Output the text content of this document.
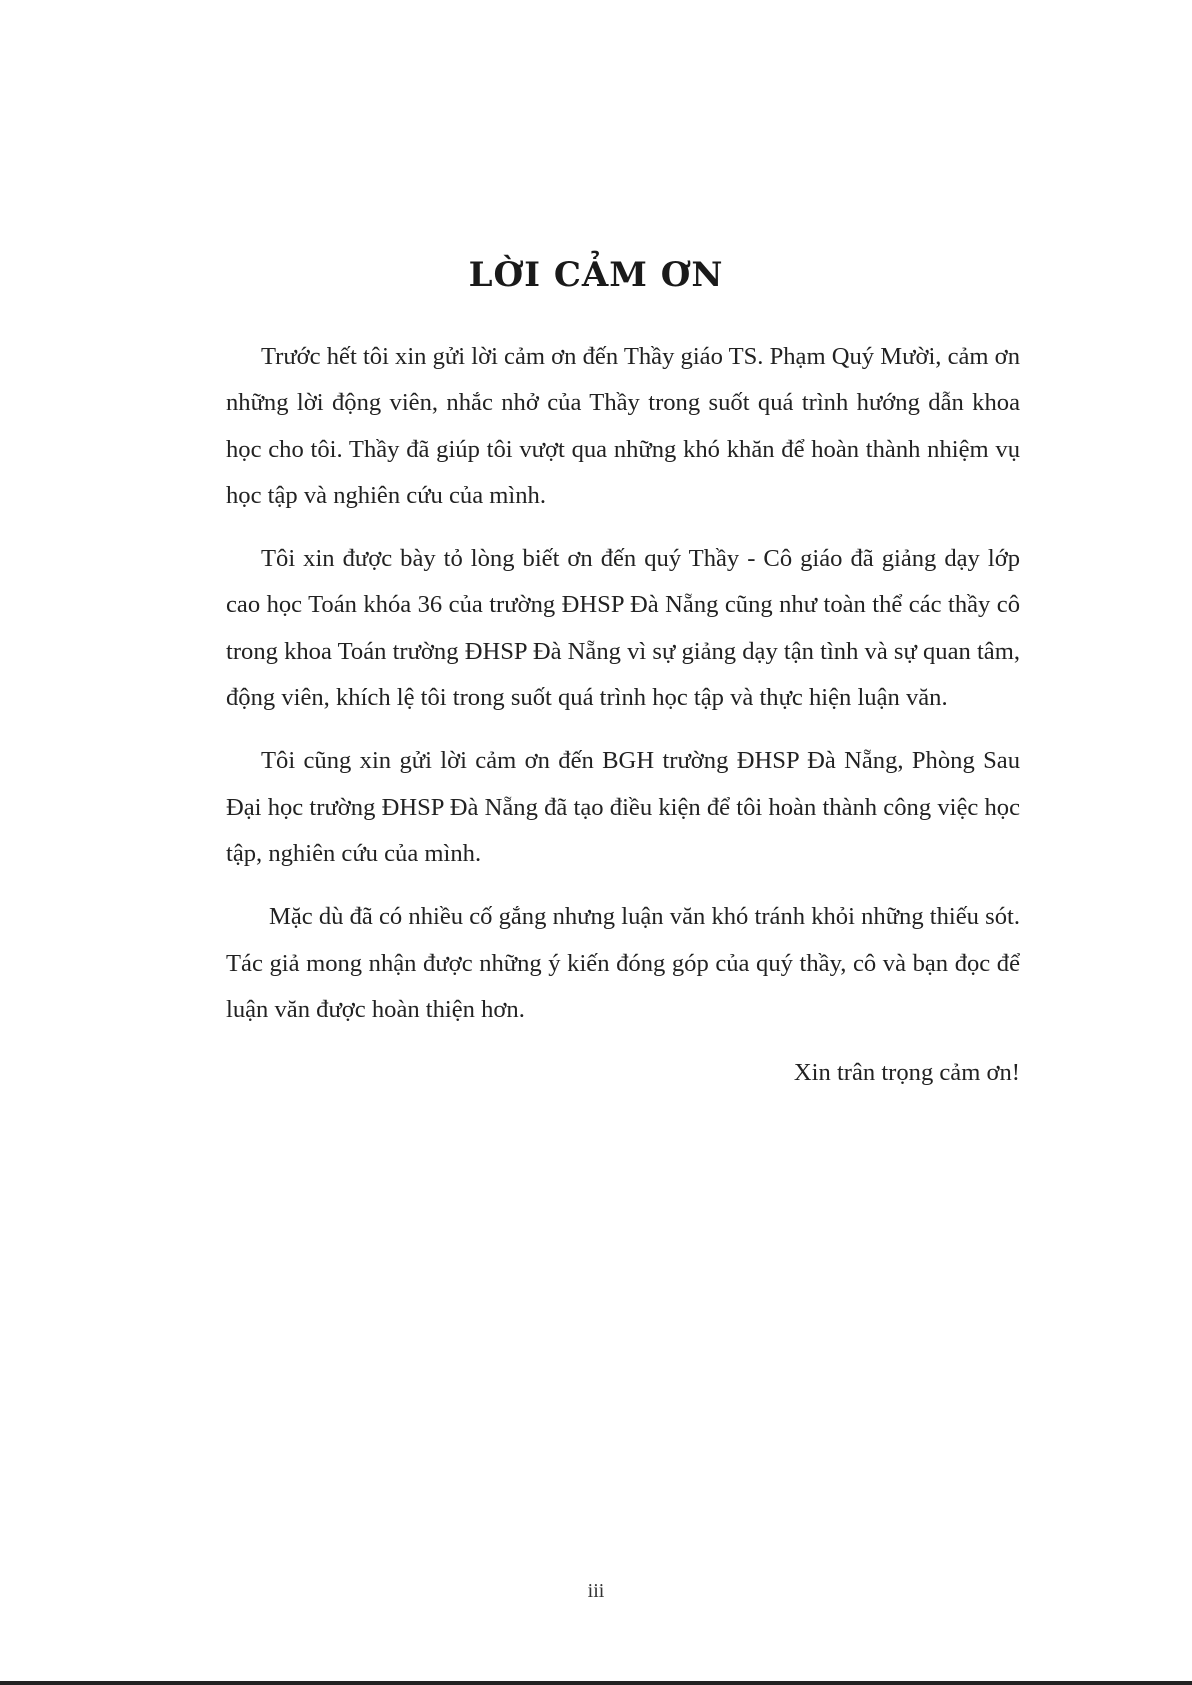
LỜI CẢM ƠN

Trước hết tôi xin gửi lời cảm ơn đến Thầy giáo TS. Phạm Quý Mười, cảm ơn những lời động viên, nhắc nhở của Thầy trong suốt quá trình hướng dẫn khoa học cho tôi. Thầy đã giúp tôi vượt qua những khó khăn để hoàn thành nhiệm vụ học tập và nghiên cứu của mình.

Tôi xin được bày tỏ lòng biết ơn đến quý Thầy - Cô giáo đã giảng dạy lớp cao học Toán khóa 36 của trường ĐHSP Đà Nẵng cũng như toàn thể các thầy cô trong khoa Toán trường ĐHSP Đà Nẵng vì sự giảng dạy tận tình và sự quan tâm, động viên, khích lệ tôi trong suốt quá trình học tập và thực hiện luận văn.

Tôi cũng xin gửi lời cảm ơn đến BGH trường ĐHSP Đà Nẵng, Phòng Sau Đại học trường ĐHSP Đà Nẵng đã tạo điều kiện để tôi hoàn thành công việc học tập, nghiên cứu của mình.

Mặc dù đã có nhiều cố gắng nhưng luận văn khó tránh khỏi những thiếu sót. Tác giả mong nhận được những ý kiến đóng góp của quý thầy, cô và bạn đọc để luận văn được hoàn thiện hơn.

Xin trân trọng cảm ơn!

iii
